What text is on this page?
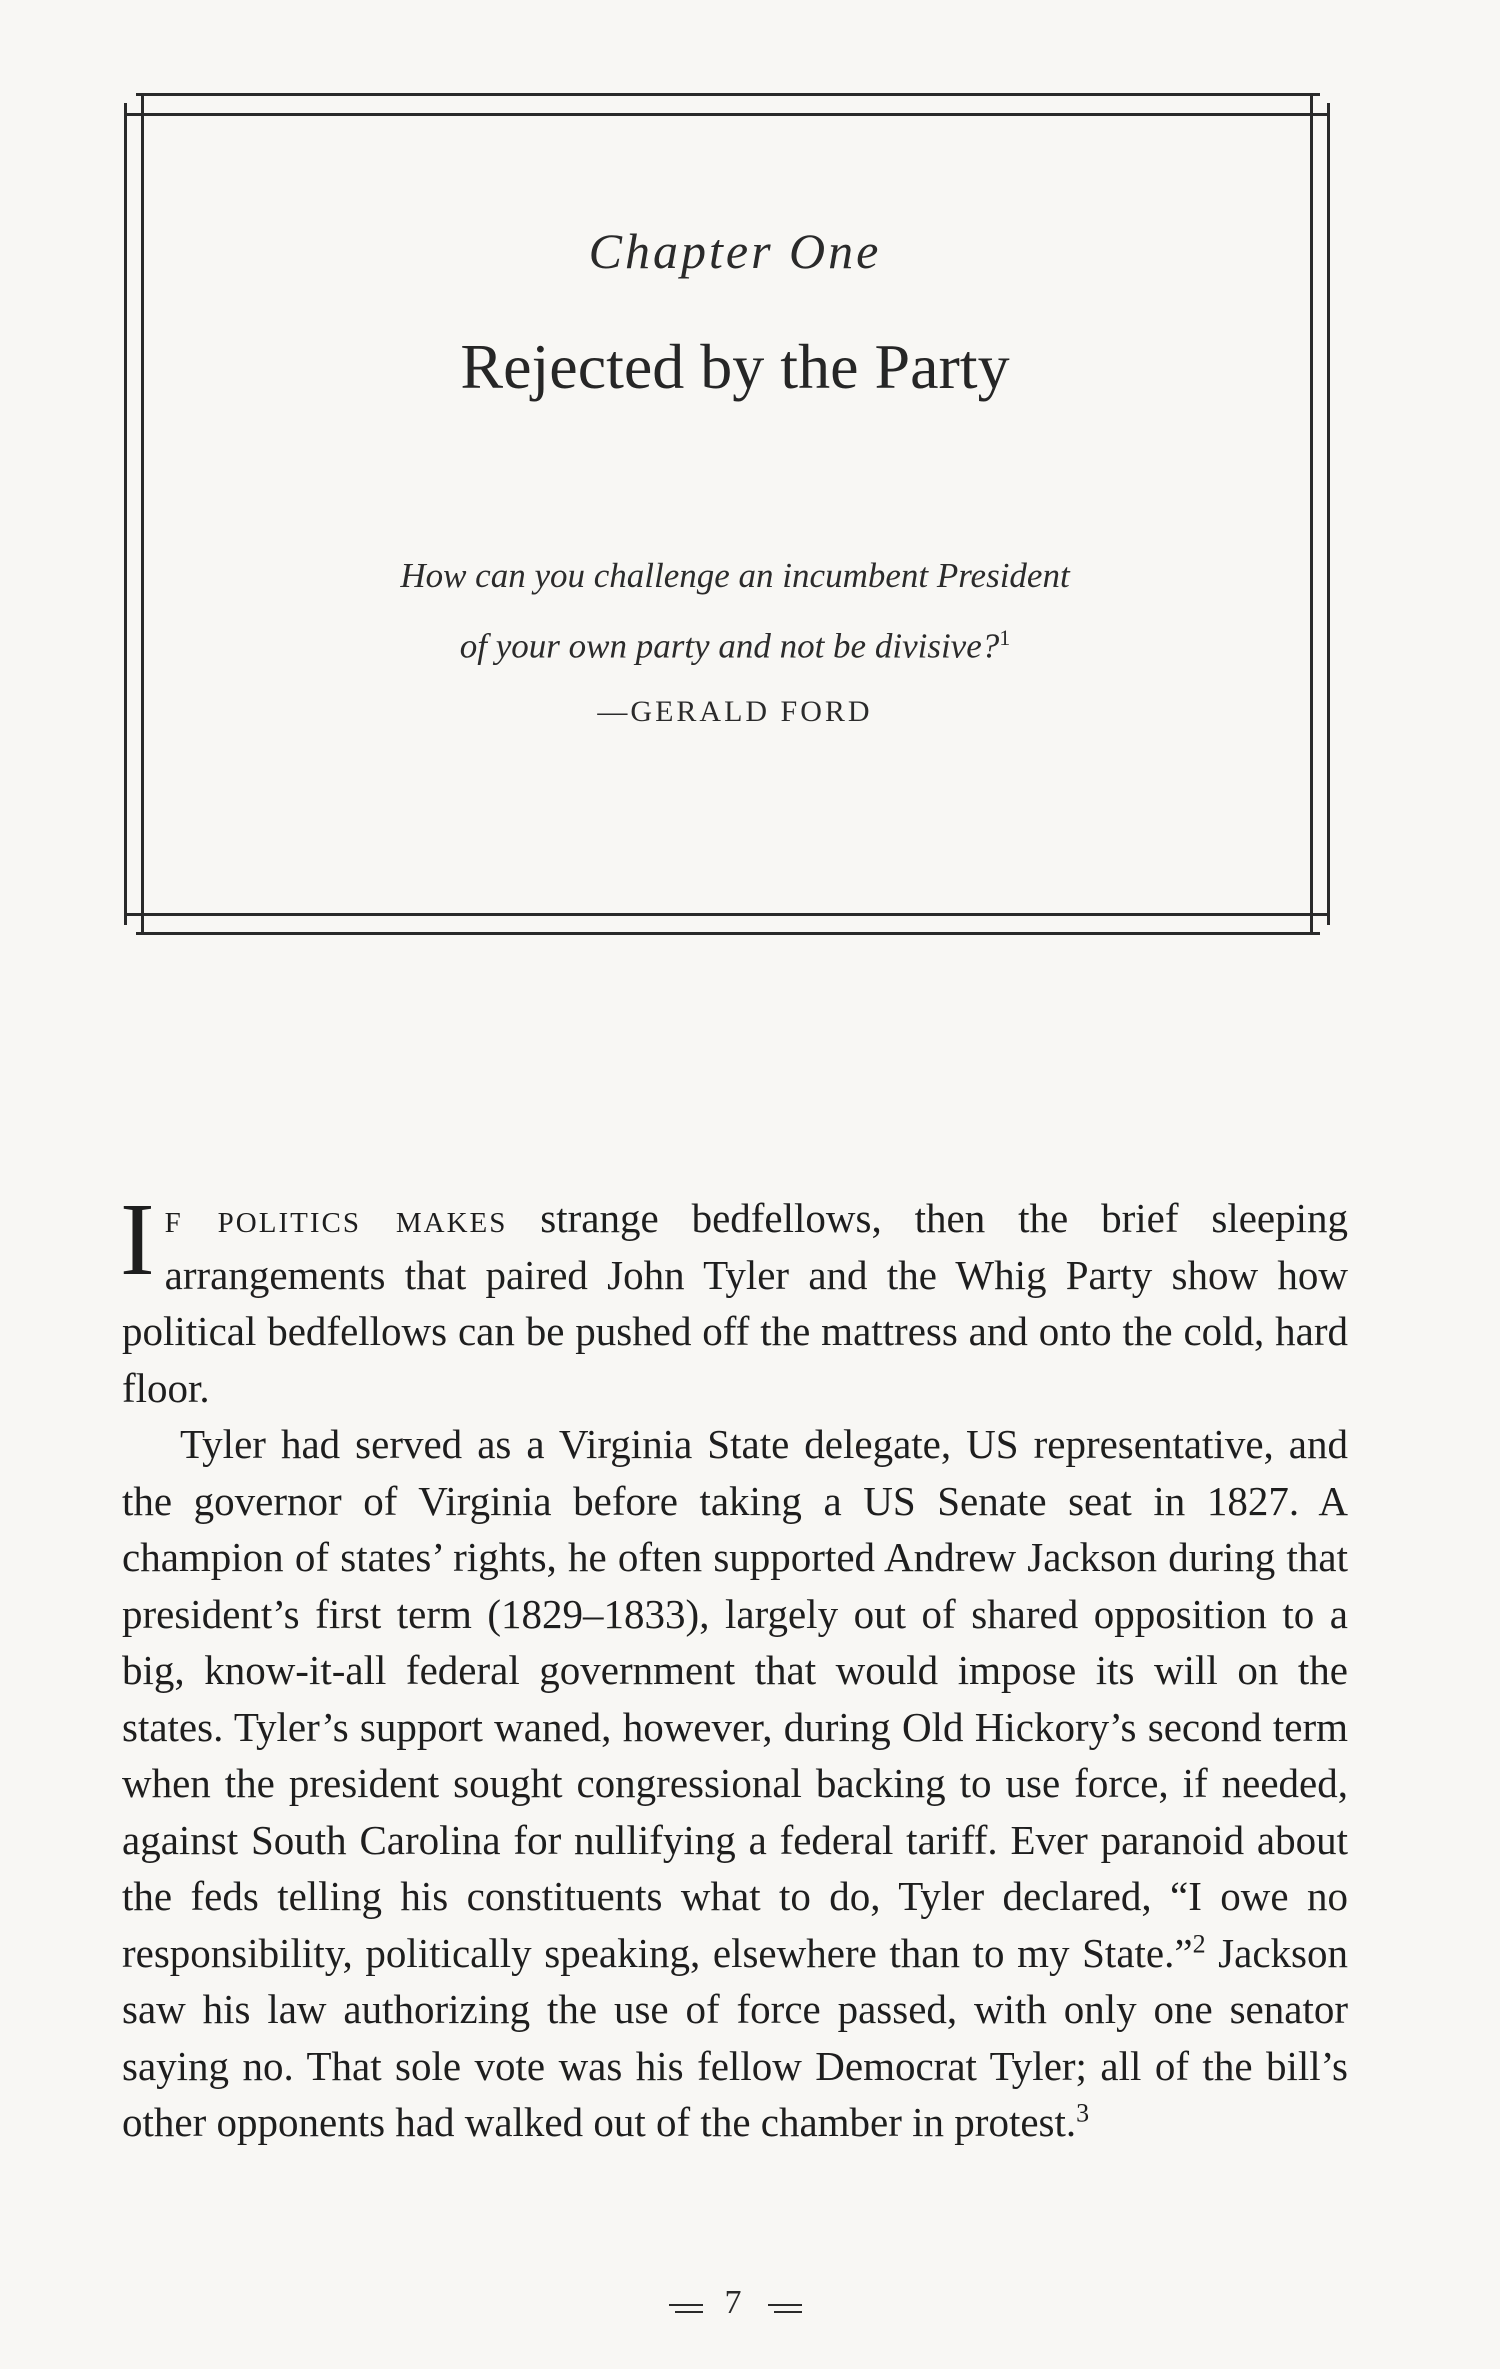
Chapter One
Rejected by the Party
How can you challenge an incumbent President
of your own party and not be divisive?$^1$
—GERALD FORD

If politics makes strange bedfellows, then the brief sleeping arrangements that paired John Tyler and the Whig Party show how political bedfellows can be pushed off the mattress and onto the cold, hard floor.

Tyler had served as a Virginia State delegate, US representative, and the governor of Virginia before taking a US Senate seat in 1827. A champion of states’ rights, he often supported Andrew Jackson during that president’s first term (1829–1833), largely out of shared opposition to a big, know-it-all federal government that would impose its will on the states. Tyler’s support waned, however, during Old Hickory’s second term when the president sought congressional backing to use force, if needed, against South Carolina for nullifying a federal tariff. Ever paranoid about the feds telling his constituents what to do, Tyler declared, “I owe no responsibility, politically speaking, elsewhere than to my State.”$^2$ Jackson saw his law authorizing the use of force passed, with only one senator saying no. That sole vote was his fellow Democrat Tyler; all of the bill’s other opponents had walked out of the chamber in protest.$^3$

7
